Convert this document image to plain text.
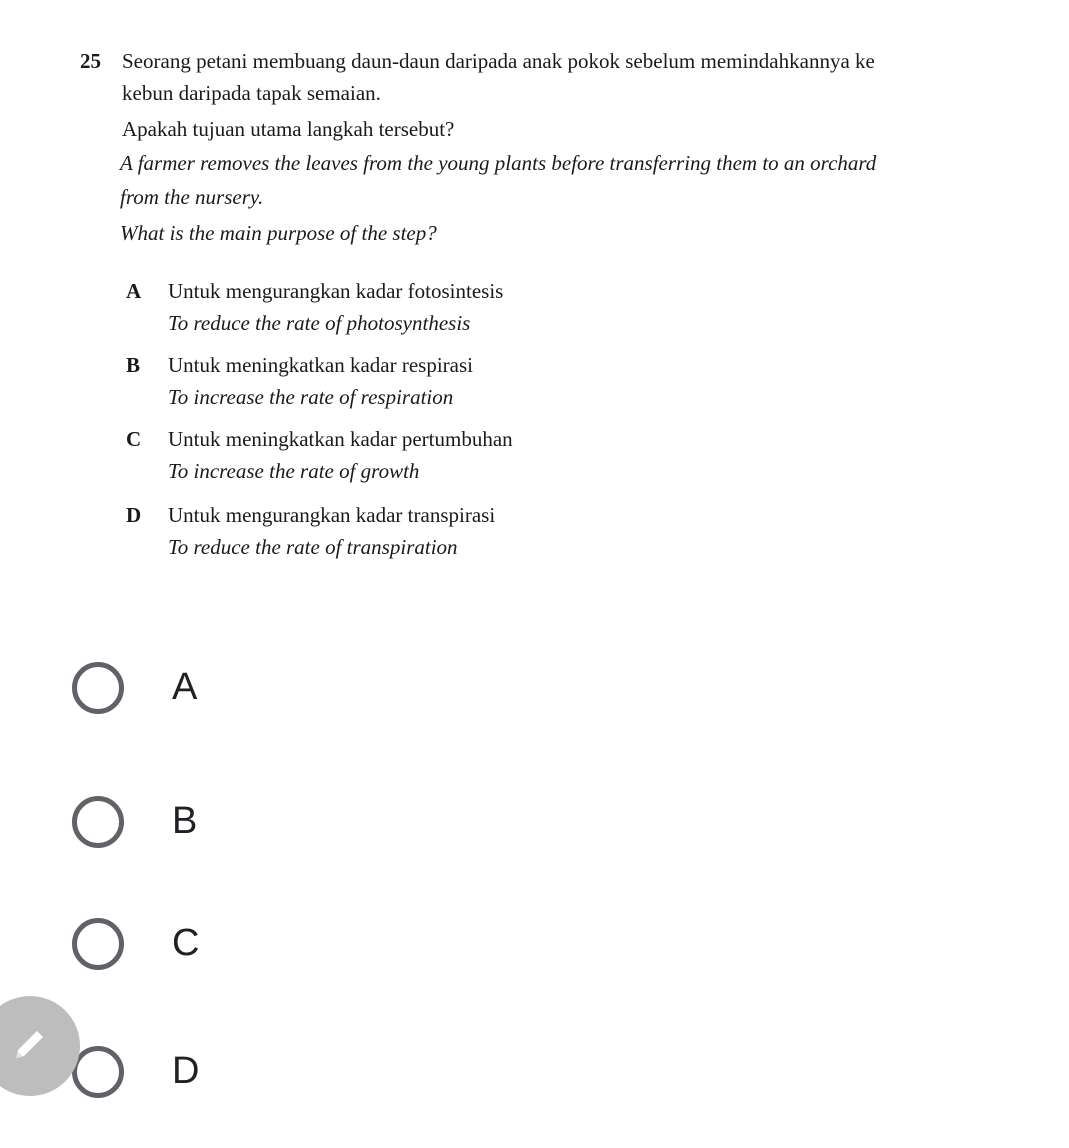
25 Seorang petani membuang daun-daun daripada anak pokok sebelum memindahkannya ke
kebun daripada tapak semaian.
Apakah tujuan utama langkah tersebut?
A farmer removes the leaves from the young plants before transferring them to an orchard
from the nursery.
What is the main purpose of the step?
A Untuk mengurangkan kadar fotosintesis
To reduce the rate of photosynthesis
B Untuk meningkatkan kadar respirasi
To increase the rate of respiration
C Untuk meningkatkan kadar pertumbuhan
To increase the rate of growth
D Untuk mengurangkan kadar transpirasi
To reduce the rate of transpiration
A
B
C
D
